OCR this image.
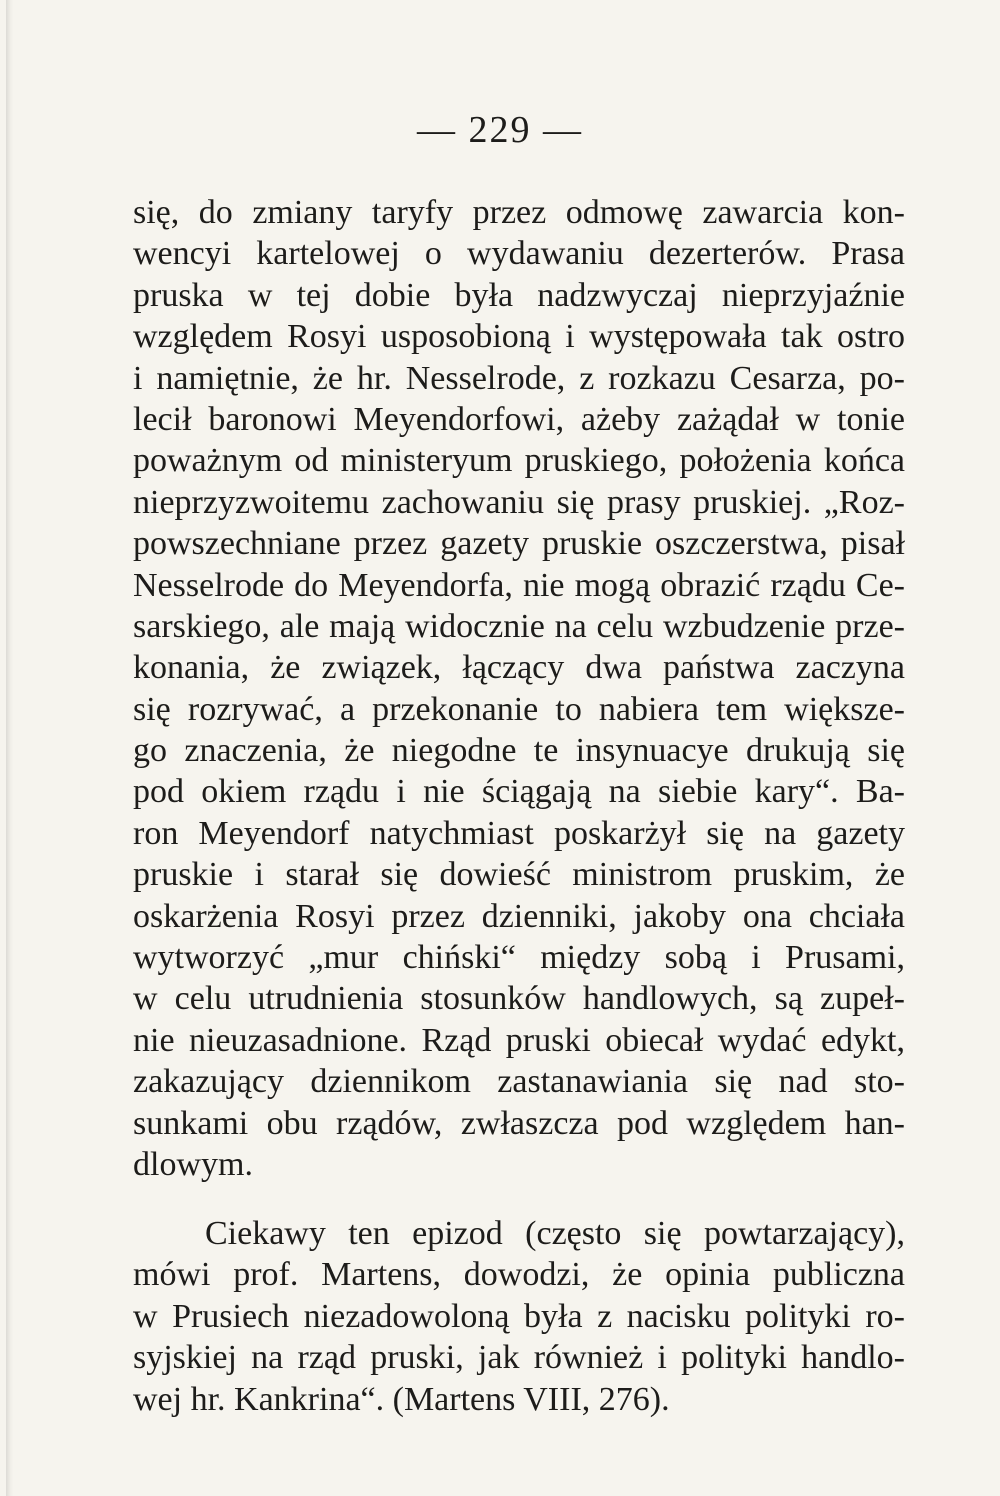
— 229 —
się, do zmiany taryfy przez odmowę zawarcia kon-
wencyi kartelowej o wydawaniu dezerterów. Prasa
pruska w tej dobie była nadzwyczaj nieprzyjaźnie
względem Rosyi usposobioną i występowała tak ostro
i namiętnie, że hr. Nesselrode, z rozkazu Cesarza, po-
lecił baronowi Meyendorfowi, ażeby zażądał w tonie
poważnym od ministeryum pruskiego, położenia końca
nieprzyzwoitemu zachowaniu się prasy pruskiej. „Roz-
powszechniane przez gazety pruskie oszczerstwa, pisał
Nesselrode do Meyendorfa, nie mogą obrazić rządu Ce-
sarskiego, ale mają widocznie na celu wzbudzenie prze-
konania, że związek, łączący dwa państwa zaczyna
się rozrywać, a przekonanie to nabiera tem większe-
go znaczenia, że niegodne te insynuacye drukują się
pod okiem rządu i nie ściągają na siebie kary“. Ba-
ron Meyendorf natychmiast poskarżył się na gazety
pruskie i starał się dowieść ministrom pruskim, że
oskarżenia Rosyi przez dzienniki, jakoby ona chciała
wytworzyć „mur chiński“ między sobą i Prusami,
w celu utrudnienia stosunków handlowych, są zupeł-
nie nieuzasadnione. Rząd pruski obiecał wydać edykt,
zakazujący dziennikom zastanawiania się nad sto-
sunkami obu rządów, zwłaszcza pod względem han-
dlowym.
Ciekawy ten epizod (często się powtarzający),
mówi prof. Martens, dowodzi, że opinia publiczna
w Prusiech niezadowoloną była z nacisku polityki ro-
syjskiej na rząd pruski, jak również i polityki handlo-
wej hr. Kankrina“. (Martens VIII, 276).
